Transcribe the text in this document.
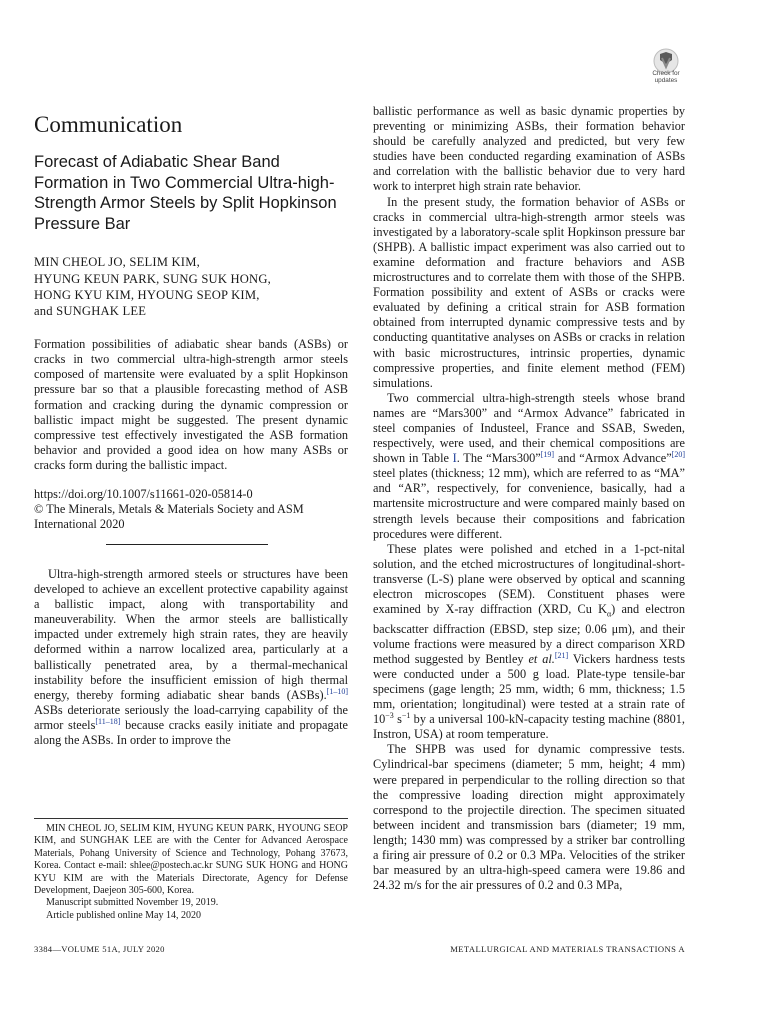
Check for
updates
Communication
Forecast of Adiabatic Shear Band Formation in Two Commercial Ultra-high-Strength Armor Steels by Split Hopkinson Pressure Bar
MIN CHEOL JO, SELIM KIM,
HYUNG KEUN PARK, SUNG SUK HONG,
HONG KYU KIM, HYOUNG SEOP KIM,
and SUNGHAK LEE

Formation possibilities of adiabatic shear bands (ASBs) or cracks in two commercial ultra-high-strength armor steels composed of martensite were evaluated by a split Hopkinson pressure bar so that a plausible forecasting method of ASB formation and cracking during the dynamic compression or ballistic impact might be suggested. The present dynamic compressive test effectively investigated the ASB formation behavior and provided a good idea on how many ASBs or cracks form during the ballistic impact.

https://doi.org/10.1007/s11661-020-05814-0
© The Minerals, Metals & Materials Society and ASM International 2020

Ultra-high-strength armored steels or structures have been developed to achieve an excellent protective capability against a ballistic impact, along with transportability and maneuverability. When the armor steels are ballistically impacted under extremely high strain rates, they are heavily deformed within a narrow localized area, particularly at a ballistically penetrated area, by a thermal-mechanical instability before the insufficient emission of high thermal energy, thereby forming adiabatic shear bands (ASBs).[1–10] ASBs deteriorate seriously the load-carrying capability of the armor steels[11–18] because cracks easily initiate and propagate along the ASBs. In order to improve the

MIN CHEOL JO, SELIM KIM, HYUNG KEUN PARK, HYOUNG SEOP KIM, and SUNGHAK LEE are with the Center for Advanced Aerospace Materials, Pohang University of Science and Technology, Pohang 37673, Korea. Contact e-mail: shlee@postech.ac.kr SUNG SUK HONG and HONG KYU KIM are with the Materials Directorate, Agency for Defense Development, Daejeon 305-600, Korea.

Manuscript submitted November 19, 2019.

Article published online May 14, 2020

ballistic performance as well as basic dynamic properties by preventing or minimizing ASBs, their formation behavior should be carefully analyzed and predicted, but very few studies have been conducted regarding examination of ASBs and correlation with the ballistic behavior due to very hard work to interpret high strain rate behavior.

In the present study, the formation behavior of ASBs or cracks in commercial ultra-high-strength armor steels was investigated by a laboratory-scale split Hopkinson pressure bar (SHPB). A ballistic impact experiment was also carried out to examine deformation and fracture behaviors and ASB microstructures and to correlate them with those of the SHPB. Formation possibility and extent of ASBs or cracks were evaluated by defining a critical strain for ASB formation obtained from interrupted dynamic compressive tests and by conducting quantitative analyses on ASBs or cracks in relation with basic microstructures, intrinsic properties, dynamic compressive properties, and finite element method (FEM) simulations.

Two commercial ultra-high-strength steels whose brand names are “Mars300” and “Armox Advance” fabricated in steel companies of Industeel, France and SSAB, Sweden, respectively, were used, and their chemical compositions are shown in Table I. The “Mars300”[19] and “Armox Advance”[20] steel plates (thickness; 12 mm), which are referred to as “MA” and “AR”, respectively, for convenience, basically, had a martensite microstructure and were compared mainly based on strength levels because their compositions and fabrication procedures were different.

These plates were polished and etched in a 1-pct-nital solution, and the etched microstructures of longitudinal-short-transverse (L-S) plane were observed by optical and scanning electron microscopes (SEM). Constituent phases were examined by X-ray diffraction (XRD, Cu $K_\alpha$) and electron backscatter diffraction (EBSD, step size; 0.06 μm), and their volume fractions were measured by a direct comparison XRD method suggested by Bentley et al.[21] Vickers hardness tests were conducted under a 500 g load. Plate-type tensile-bar specimens (gage length; 25 mm, width; 6 mm, thickness; 1.5 mm, orientation; longitudinal) were tested at a strain rate of $10^{-3}$ $s^{-1}$ by a universal 100-kN-capacity testing machine (8801, Instron, USA) at room temperature.

The SHPB was used for dynamic compressive tests. Cylindrical-bar specimens (diameter; 5 mm, height; 4 mm) were prepared in perpendicular to the rolling direction so that the compressive loading direction might approximately correspond to the projectile direction. The specimen situated between incident and transmission bars (diameter; 19 mm, length; 1430 mm) was compressed by a striker bar controlling a firing air pressure of 0.2 or 0.3 MPa. Velocities of the striker bar measured by an ultra-high-speed camera were 19.86 and 24.32 m/s for the air pressures of 0.2 and 0.3 MPa,

3384—VOLUME 51A, JULY 2020	METALLURGICAL AND MATERIALS TRANSACTIONS A
